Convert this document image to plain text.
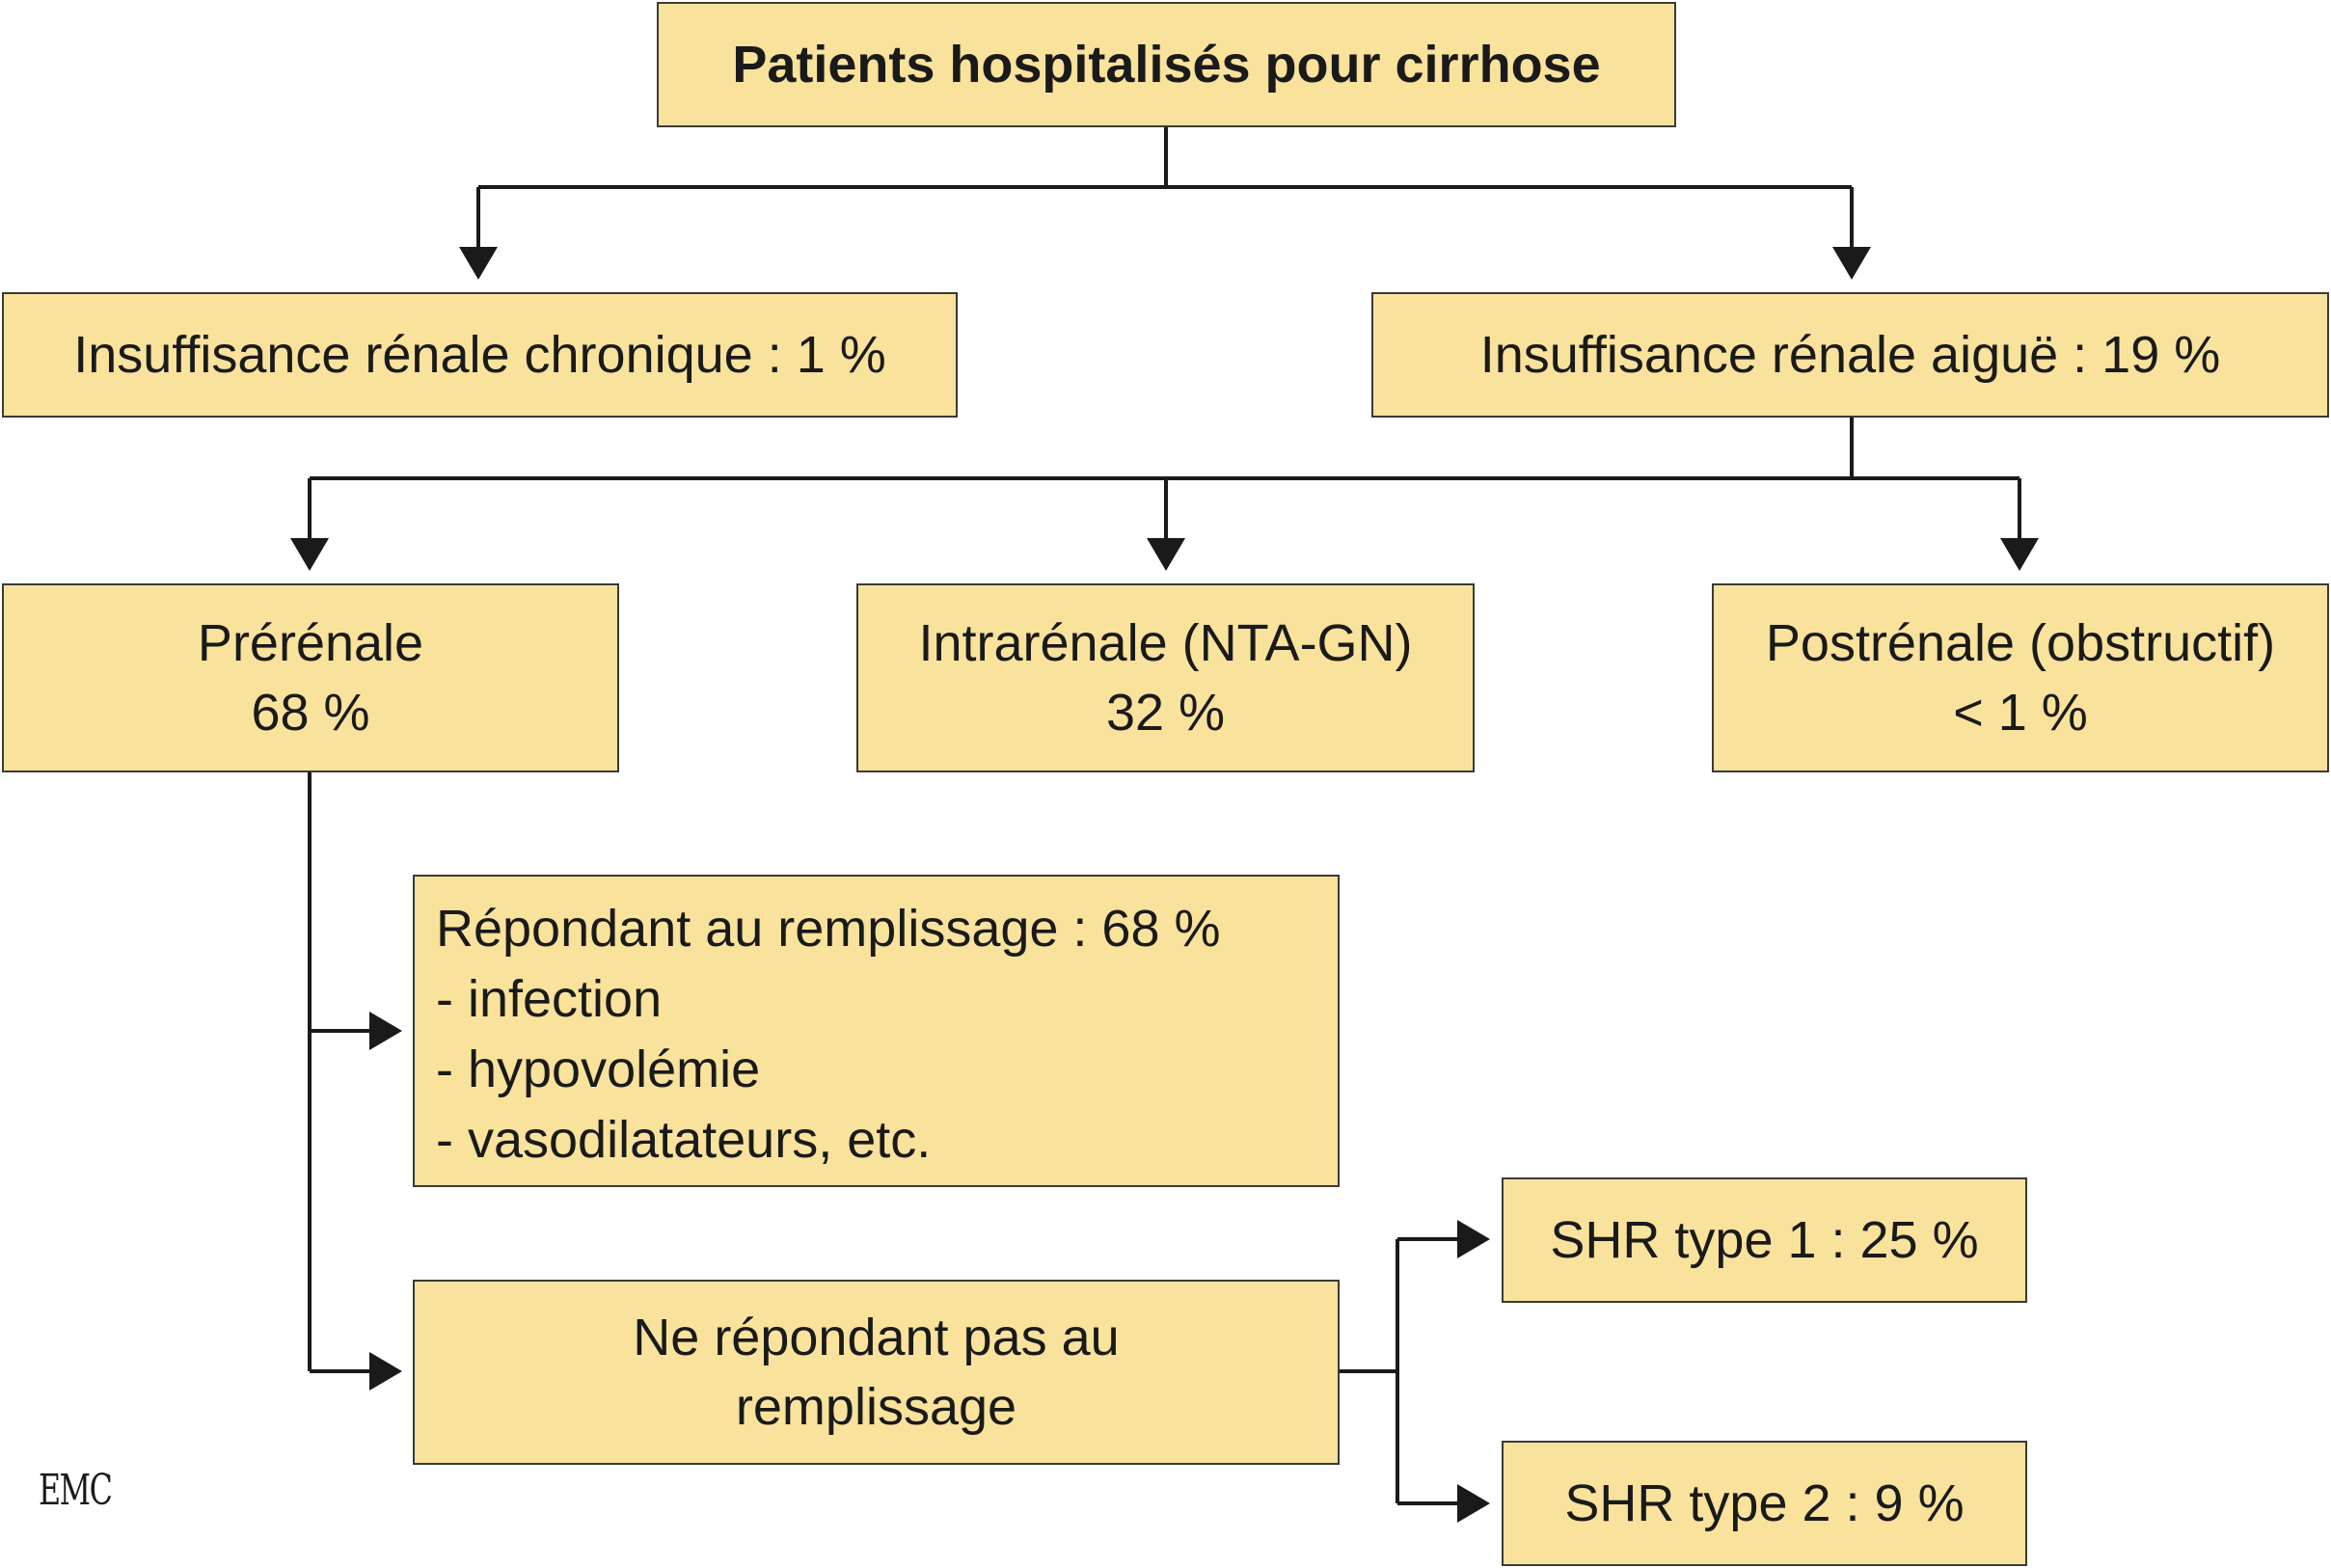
Patients hospitalisés pour cirrhose
Insuffisance rénale chronique : 1 %	Insuffisance rénale aiguë : 19 %
Prérénale
68 %
Intrarénale (NTA-GN)
32 %
Postrénale (obstructif)
< 1 %
Répondant au remplissage : 68 %
- infection
- hypovolémie
- vasodilatateurs, etc.
Ne répondant pas au
remplissage
SHR type 1 : 25 %
SHR type 2 : 9 %
EMC
